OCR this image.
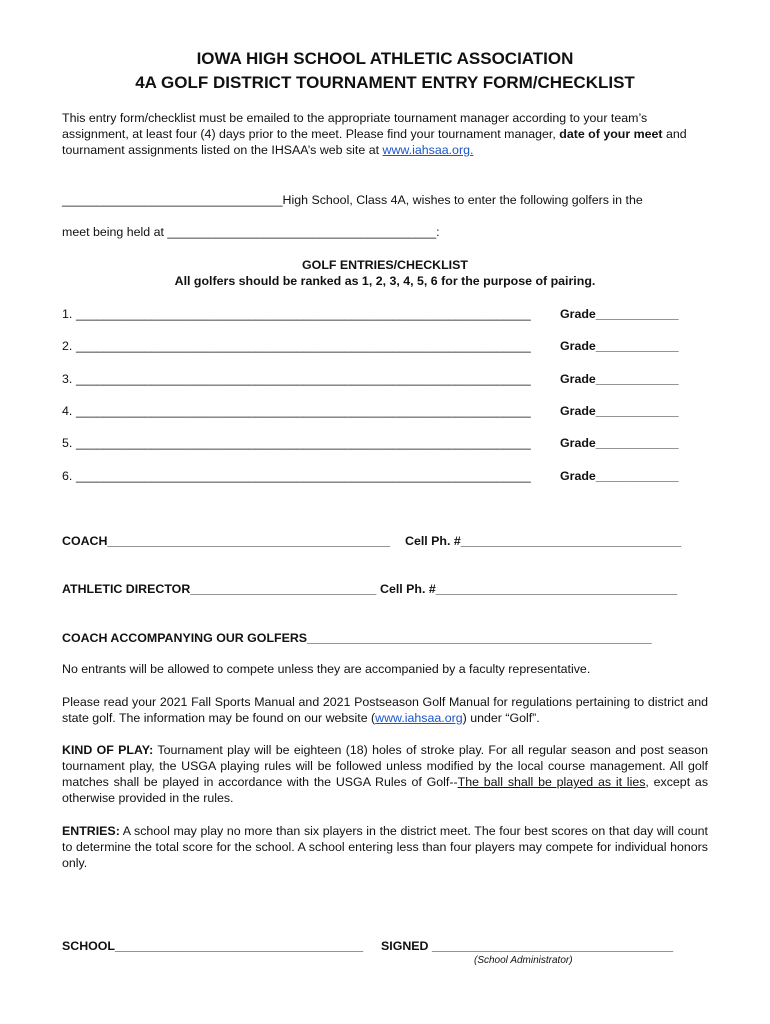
IOWA HIGH SCHOOL ATHLETIC ASSOCIATION
4A GOLF DISTRICT TOURNAMENT ENTRY FORM/CHECKLIST
This entry form/checklist must be emailed to the appropriate tournament manager according to your team’s assignment, at least four (4) days prior to the meet. Please find your tournament manager, date of your meet and tournament assignments listed on the IHSAA’s web site at www.iahsaa.org.
________________________________High School, Class 4A, wishes to enter the following golfers in the
meet being held at _______________________________________:
GOLF ENTRIES/CHECKLIST
All golfers should be ranked as 1, 2, 3, 4, 5, 6 for the purpose of pairing.
1. __________________________________________________________________ Grade____________
2. __________________________________________________________________ Grade____________
3. __________________________________________________________________ Grade____________
4. __________________________________________________________________ Grade____________
5. __________________________________________________________________ Grade____________
6. __________________________________________________________________ Grade____________
COACH_________________________________________ Cell Ph. #________________________________
ATHLETIC DIRECTOR___________________________ Cell Ph. #___________________________________
COACH ACCOMPANYING OUR GOLFERS__________________________________________________
No entrants will be allowed to compete unless they are accompanied by a faculty representative.
Please read your 2021 Fall Sports Manual and 2021 Postseason Golf Manual for regulations pertaining to district and state golf. The information may be found on our website (www.iahsaa.org) under “Golf”.
KIND OF PLAY: Tournament play will be eighteen (18) holes of stroke play. For all regular season and post season tournament play, the USGA playing rules will be followed unless modified by the local course management. All golf matches shall be played in accordance with the USGA Rules of Golf--The ball shall be played as it lies, except as otherwise provided in the rules.
ENTRIES: A school may play no more than six players in the district meet. The four best scores on that day will count to determine the total score for the school. A school entering less than four players may compete for individual honors only.
SCHOOL____________________________________ SIGNED ___________________________________
(School Administrator)
